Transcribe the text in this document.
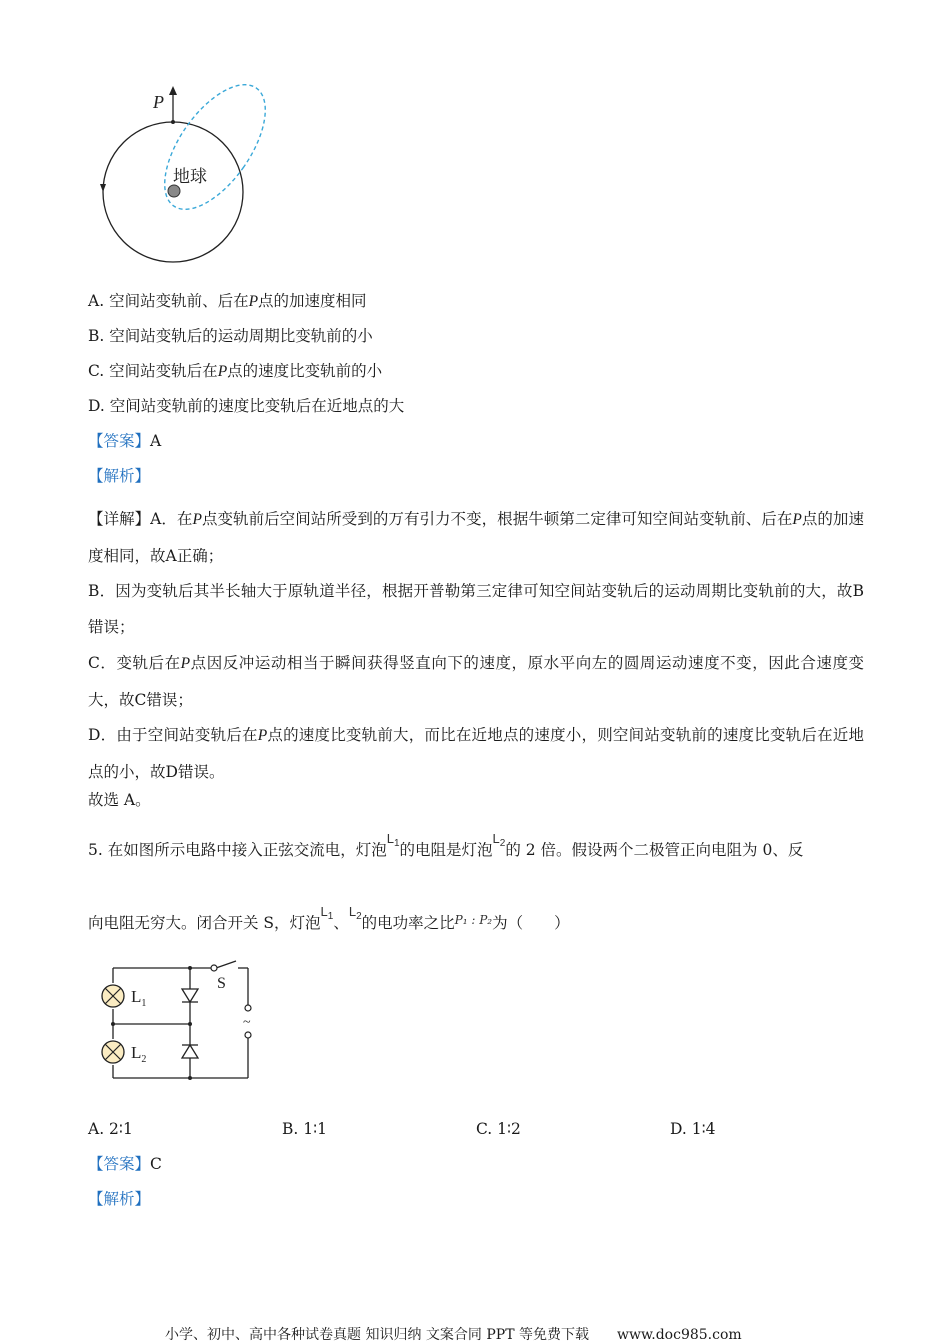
P
地球
A. 空间站变轨前、后在P点的加速度相同
B. 空间站变轨后的运动周期比变轨前的小
C. 空间站变轨后在P点的速度比变轨前的小
D. 空间站变轨前的速度比变轨后在近地点的大
【答案】A
【解析】
【详解】A．在P点变轨前后空间站所受到的万有引力不变，根据牛顿第二定律可知空间站变轨前、后在P点的加速度相同，故A正确；
B．因为变轨后其半长轴大于原轨道半径，根据开普勒第三定律可知空间站变轨后的运动周期比变轨前的大，故B错误；
C．变轨后在P点因反冲运动相当于瞬间获得竖直向下的速度，原水平向左的圆周运动速度不变，因此合速度变大，故C错误；
D．由于空间站变轨后在P点的速度比变轨前大，而比在近地点的速度小，则空间站变轨前的速度比变轨后在近地点的小，故D错误。
故选 A。
5. 在如图所示电路中接入正弦交流电，灯泡$^{L_1}$的电阻是灯泡$^{L_2}$的 2 倍。假设两个二极管正向电阻为 0、反
向电阻无穷大。闭合开关 S，灯泡$^{L_1}$、$^{L_2}$的电功率之比$^{P_1 : P_2}$为（　　）
$L_1$
$L_2$
S
~
A. 2∶1	B. 1∶1	C. 1∶2	D. 1∶4
【答案】C
【解析】
小学、初中、高中各种试卷真题 知识归纳 文案合同 PPT 等免费下载　　www.doc985.com
